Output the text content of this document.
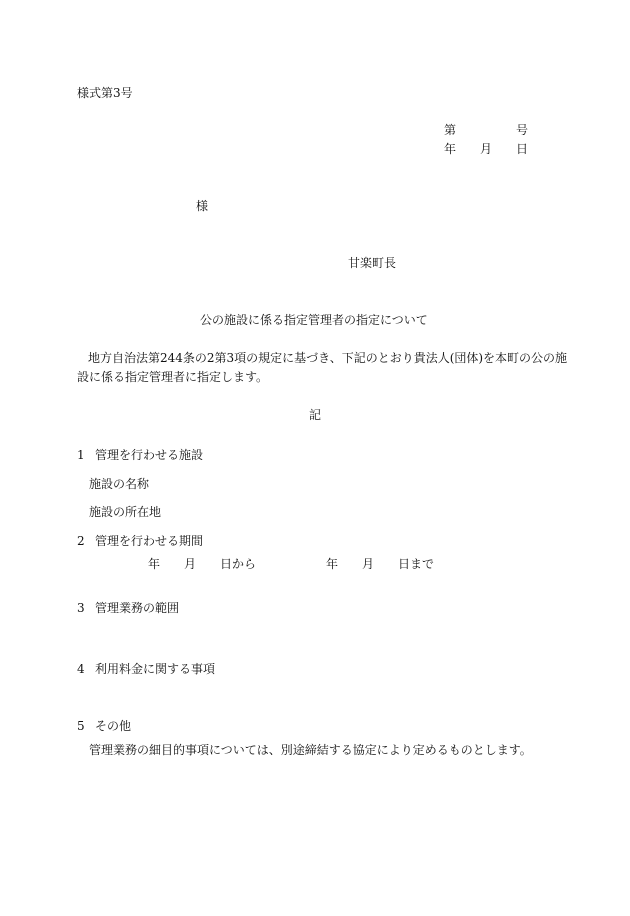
様式第3号

第	号

年 月 日

様

甘楽町長

公の施設に係る指定管理者の指定について

地方自治法第244条の2第3項の規定に基づき、下記のとおり貴法人(団体)を本町の公の施

設に係る指定管理者に指定します。

記

1 管理を行わせる施設

施設の名称

施設の所在地

2 管理を行わせる期間

年 月 日から	年 月 日まで

3 管理業務の範囲

4 利用料金に関する事項

5 その他

管理業務の細目的事項については、別途締結する協定により定めるものとします。
